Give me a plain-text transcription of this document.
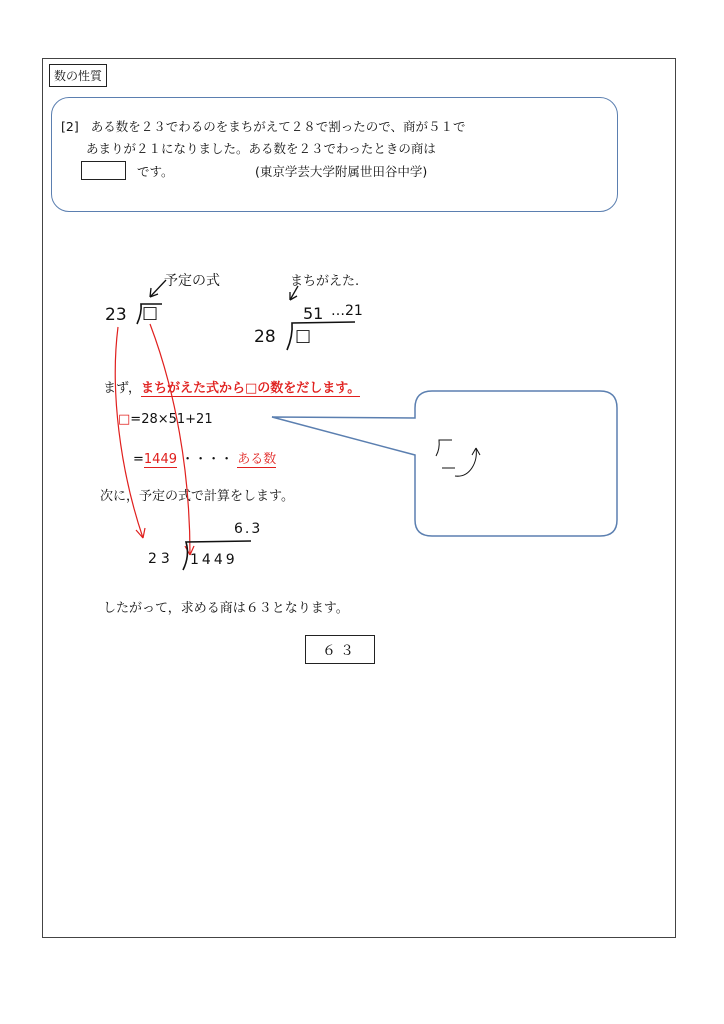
数の性質
[2] ある数を２３でわるのをまちがえて２８で割ったので、商が５１で
あまりが２１になりました。ある数を２３でわったときの商は
です。	(東京学芸大学附属世田谷中学)
予定の式	まちがえた.
23 □
28 □
51 …21
まず，まちがえた式から□の数をだします。
□=28×51+21
=1449 ・・・・ ある数
次に，予定の式で計算をします。
6.3
23 1449
したがって，求める商は６３となります。
６３
